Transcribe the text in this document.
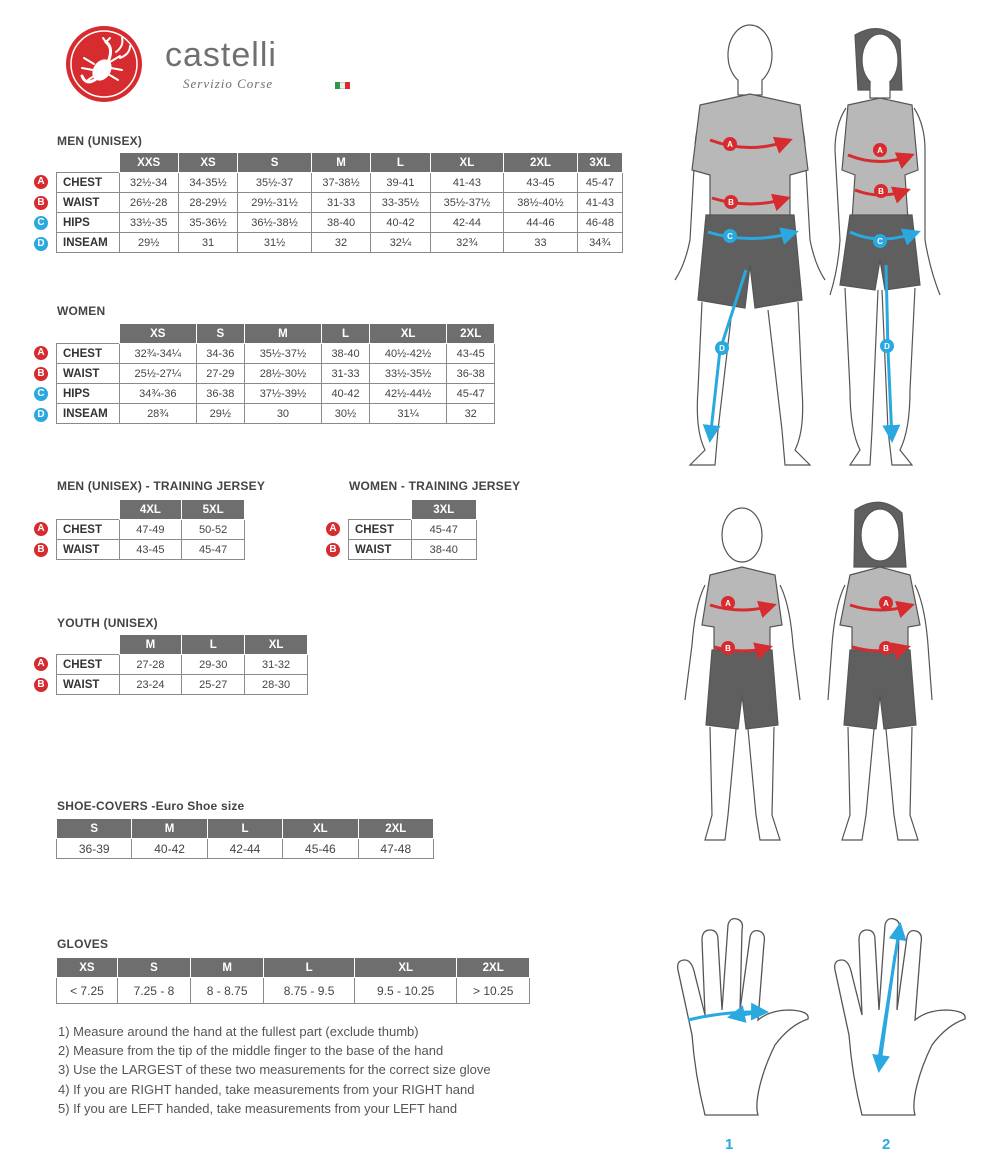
castelli
Servizio Corse
MEN (UNISEX)
	XXS	XS	S	M	L	XL	2XL	3XL
CHEST	32½-34	34-35½	35½-37	37-38½	39-41	41-43	43-45	45-47
WAIST	26½-28	28-29½	29½-31½	31-33	33-35½	35½-37½	38½-40½	41-43
HIPS	33½-35	35-36½	36½-38½	38-40	40-42	42-44	44-46	46-48
INSEAM	29½	31	31½	32	32¼	32¾	33	34¾
WOMEN
	XS	S	M	L	XL	2XL
CHEST	32¾-34¼	34-36	35½-37½	38-40	40½-42½	43-45
WAIST	25½-27¼	27-29	28½-30½	31-33	33½-35½	36-38
HIPS	34¾-36	36-38	37½-39½	40-42	42½-44½	45-47
INSEAM	28¾	29½	30	30½	31¼	32
MEN (UNISEX) - TRAINING JERSEY
	4XL	5XL
CHEST	47-49	50-52
WAIST	43-45	45-47
WOMEN - TRAINING JERSEY
	3XL
CHEST	45-47
WAIST	38-40
YOUTH (UNISEX)
	M	L	XL
CHEST	27-28	29-30	31-32
WAIST	23-24	25-27	28-30
SHOE-COVERS -Euro Shoe size
S	M	L	XL	2XL
36-39	40-42	42-44	45-46	47-48
GLOVES
XS	S	M	L	XL	2XL
< 7.25	7.25 - 8	8 - 8.75	8.75 - 9.5	9.5 - 10.25	> 10.25
1) Measure around the hand at the fullest part (exclude thumb)
2) Measure from the tip of the middle finger to the base of the hand
3) Use the LARGEST of these two measurements for the correct size glove
4) If you are RIGHT handed, take measurements from your RIGHT hand
5) If you are LEFT handed, take measurements from your LEFT hand
A
B
C
D
A
B
C
D
A
B
A
B
1	2
A
B
C
D
A
B
C
D
A
B
A
B
A
B
